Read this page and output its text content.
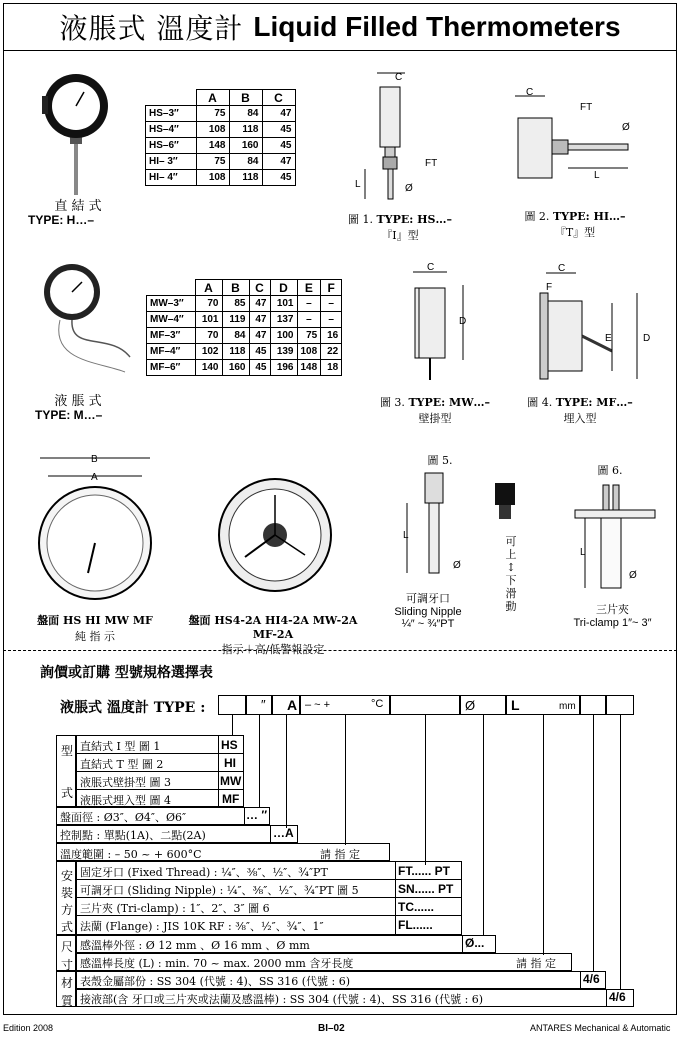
液脹式 溫度計 Liquid Filled Thermometers
直 結 式
TYPE: H…–
	A	B	C
HS–3″	75	84	47
HS–4″	108	118	45
HS–6″	148	160	45
HI– 3″	75	84	47
HI– 4″	108	118	45
C
FT
L	Ø
圖 1. TYPE: HS…–
『I』型
C
FT
Ø
L
圖 2. TYPE: HI…–
『T』型
液 脹 式
TYPE: M…–
	A	B	C	D	E	F
MW–3″	70	85	47	101	–	–
MW–4″	101	119	47	137	–	–
MF–3″	70	84	47	100	75	16
MF–4″	102	118	45	139	108	22
MF–6″	140	160	45	196	148	18
C
D
圖 3. TYPE: MW…–
壁掛型
C
F
E	D
圖 4. TYPE: MF…–
埋入型
B
A
盤面 HS HI MW MF
純 指 示
盤面 HS4-2A HI4-2A MW-2A MF-2A
指示＋高/低警報設定
圖 5.
L
Ø
可
上
↕
下
滑
動
可調牙口
Sliding Nipple
¼″ ~ ¾″PT
圖 6.
L
Ø
三片夾
Tri-clamp 1″~ 3″
詢價或訂購 型號規格選擇表
液脹式 溫度計 TYPE :	″ A – ~ +	°C	Ø	L	mm
型
式
直結式 I 型 圖 1	HS
直結式 T 型 圖 2	HI
液脹式壁掛型 圖 3	MW
液脹式埋入型 圖 4	MF
盤面徑 : Ø3″、Ø4″、Ø6″	… ″
控制點 : 單點(1A)、二點(2A)	…A
溫度範圍 : – 50 ~ + 600°C	請 指 定
安
裝
方
式
固定牙口 (Fixed Thread) : ¼″、⅜″、½″、¾″PT	FT...... PT
可調牙口 (Sliding Nipple) : ¼″、⅜″、½″、¾″PT 圖 5	SN...... PT
三片夾 (Tri-clamp) : 1″、2″、3″ 圖 6	TC......
法蘭 (Flange) : JIS 10K RF : ⅜″、½″、¾″、1″	FL......
尺
寸
感溫棒外徑 : Ø 12 mm 、Ø 16 mm 、Ø mm	Ø...
感溫棒長度 (L) : min. 70 ~ max. 2000 mm 含牙長度	請 指 定
材
質
表殼金屬部份 : SS 304 (代號 : 4)、SS 316 (代號 : 6)	4/6
接液部(含 牙口或三片夾或法蘭及感溫棒) : SS 304 (代號 : 4)、SS 316 (代號 : 6)	4/6
Edition 2008	BI–02	ANTARES Mechanical & Automatic
